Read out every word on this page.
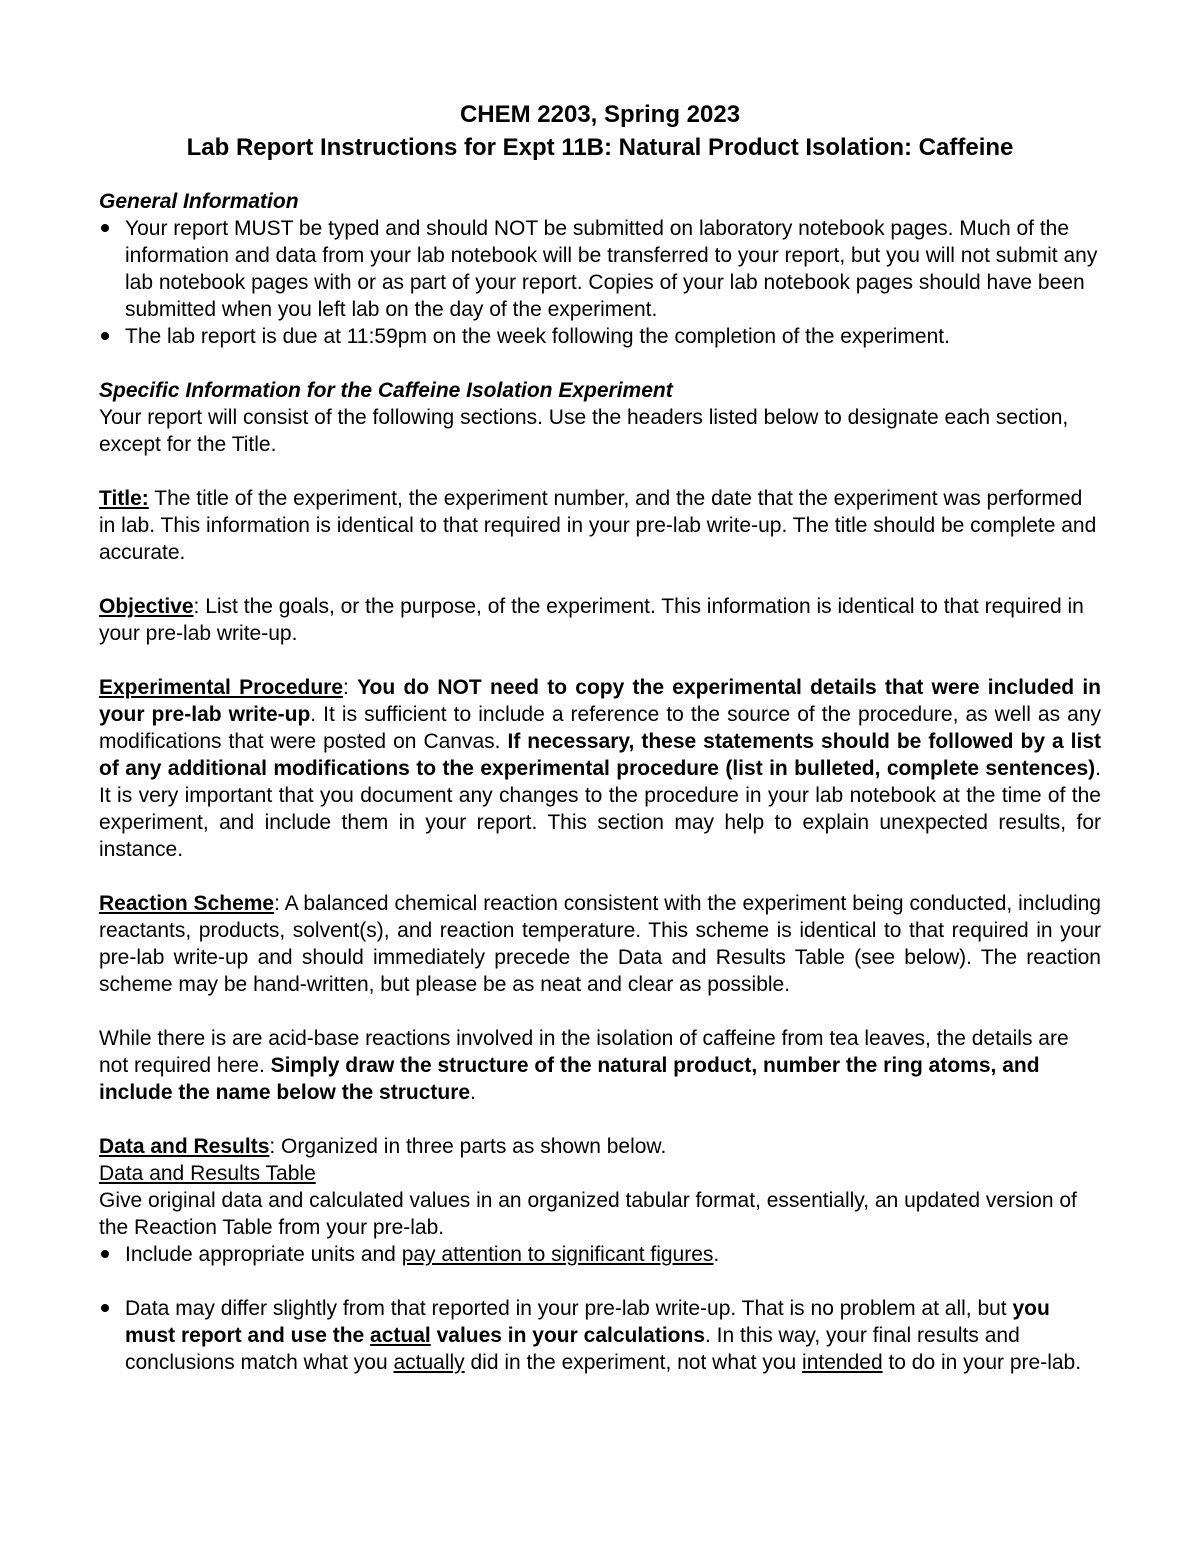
CHEM 2203, Spring 2023

Lab Report Instructions for Expt 11B: Natural Product Isolation: Caffeine

General Information

Your report MUST be typed and should NOT be submitted on laboratory notebook pages. Much of the information and data from your lab notebook will be transferred to your report, but you will not submit any lab notebook pages with or as part of your report. Copies of your lab notebook pages should have been submitted when you left lab on the day of the experiment.
The lab report is due at 11:59pm on the week following the completion of the experiment.

Specific Information for the Caffeine Isolation Experiment

Your report will consist of the following sections. Use the headers listed below to designate each section, except for the Title.

Title: The title of the experiment, the experiment number, and the date that the experiment was performed in lab. This information is identical to that required in your pre-lab write-up. The title should be complete and accurate.

Objective: List the goals, or the purpose, of the experiment. This information is identical to that required in your pre-lab write-up.

Experimental Procedure: You do NOT need to copy the experimental details that were included in your pre-lab write-up. It is sufficient to include a reference to the source of the procedure, as well as any modifications that were posted on Canvas. If necessary, these statements should be followed by a list of any additional modifications to the experimental procedure (list in bulleted, complete sentences). It is very important that you document any changes to the procedure in your lab notebook at the time of the experiment, and include them in your report. This section may help to explain unexpected results, for instance.

Reaction Scheme: A balanced chemical reaction consistent with the experiment being conducted, including reactants, products, solvent(s), and reaction temperature. This scheme is identical to that required in your pre-lab write-up and should immediately precede the Data and Results Table (see below). The reaction scheme may be hand-written, but please be as neat and clear as possible.

While there is are acid-base reactions involved in the isolation of caffeine from tea leaves, the details are not required here. Simply draw the structure of the natural product, number the ring atoms, and include the name below the structure.

Data and Results: Organized in three parts as shown below.

Data and Results Table

Give original data and calculated values in an organized tabular format, essentially, an updated version of the Reaction Table from your pre-lab.

Include appropriate units and pay attention to significant figures.
Data may differ slightly from that reported in your pre-lab write-up. That is no problem at all, but you must report and use the actual values in your calculations. In this way, your final results and conclusions match what you actually did in the experiment, not what you intended to do in your pre-lab.
